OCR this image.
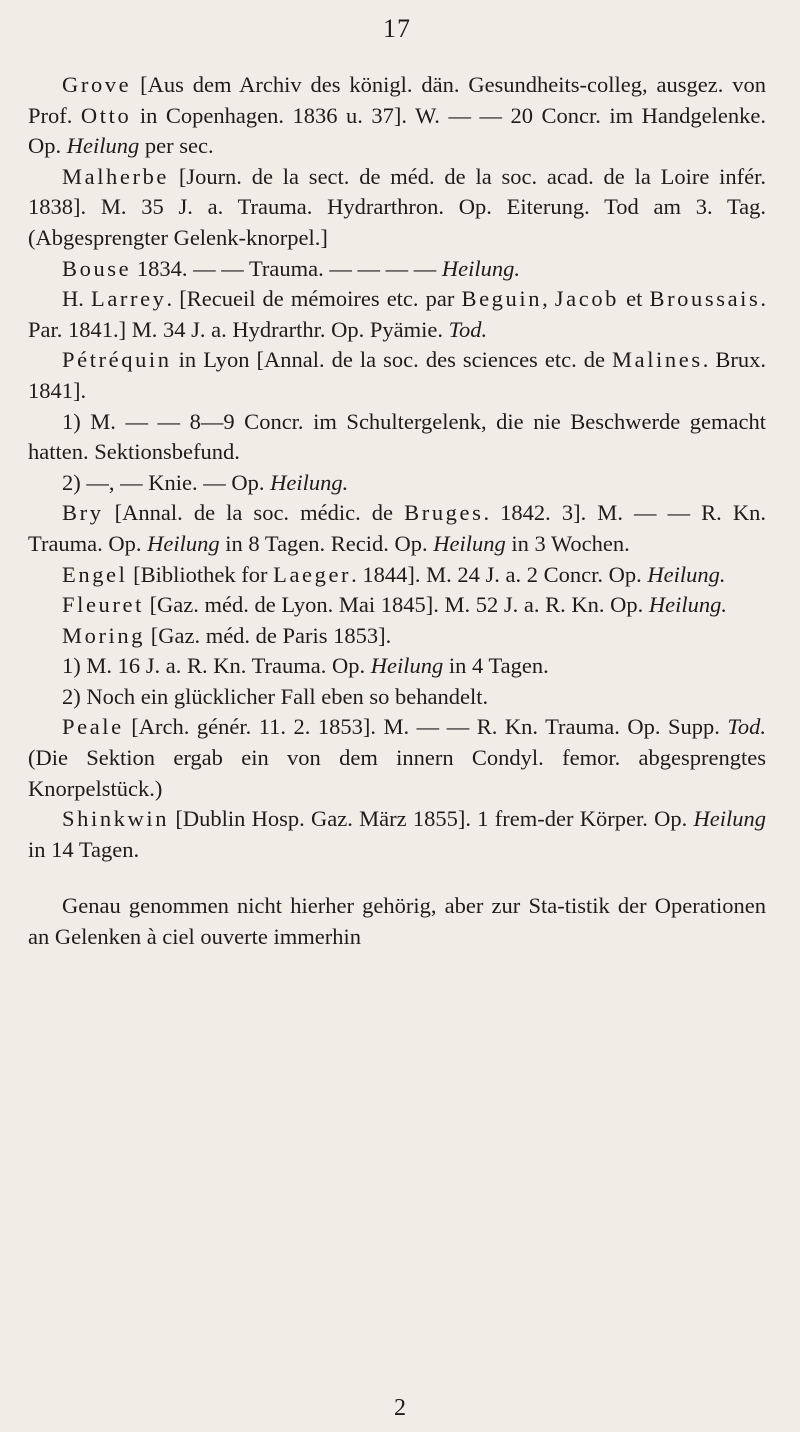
17

Grove [Aus dem Archiv des königl. dän. Gesundheits-colleg, ausgez. von Prof. Otto in Copenhagen. 1836 u. 37]. W. — — 20 Concr. im Handgelenke. Op. Heilung per sec.

Malherbe [Journ. de la sect. de méd. de la soc. acad. de la Loire infér. 1838]. M. 35 J. a. Trauma. Hydrarthron. Op. Eiterung. Tod am 3. Tag. (Abgesprengter Gelenk-knorpel.]

Bouse 1834. — — Trauma. — — — — Heilung.

H. Larrey. [Recueil de mémoires etc. par Beguin, Jacob et Broussais. Par. 1841.] M. 34 J. a. Hydrarthr. Op. Pyämie. Tod.

Pétréquin in Lyon [Annal. de la soc. des sciences etc. de Malines. Brux. 1841].

1) M. — — 8—9 Concr. im Schultergelenk, die nie Beschwerde gemacht hatten. Sektionsbefund.

2) —, — Knie. — Op. Heilung.

Bry [Annal. de la soc. médic. de Bruges. 1842. 3]. M. — — R. Kn. Trauma. Op. Heilung in 8 Tagen. Recid. Op. Heilung in 3 Wochen.

Engel [Bibliothek for Laeger. 1844]. M. 24 J. a. 2 Concr. Op. Heilung.

Fleuret [Gaz. méd. de Lyon. Mai 1845]. M. 52 J. a. R. Kn. Op. Heilung.

Moring [Gaz. méd. de Paris 1853].

1) M. 16 J. a. R. Kn. Trauma. Op. Heilung in 4 Tagen.

2) Noch ein glücklicher Fall eben so behandelt.

Peale [Arch. génér. 11. 2. 1853]. M. — — R. Kn. Trauma. Op. Supp. Tod. (Die Sektion ergab ein von dem innern Condyl. femor. abgesprengtes Knorpelstück.)

Shinkwin [Dublin Hosp. Gaz. März 1855]. 1 frem-der Körper. Op. Heilung in 14 Tagen.

Genau genommen nicht hierher gehörig, aber zur Sta-tistik der Operationen an Gelenken à ciel ouverte immerhin

2
